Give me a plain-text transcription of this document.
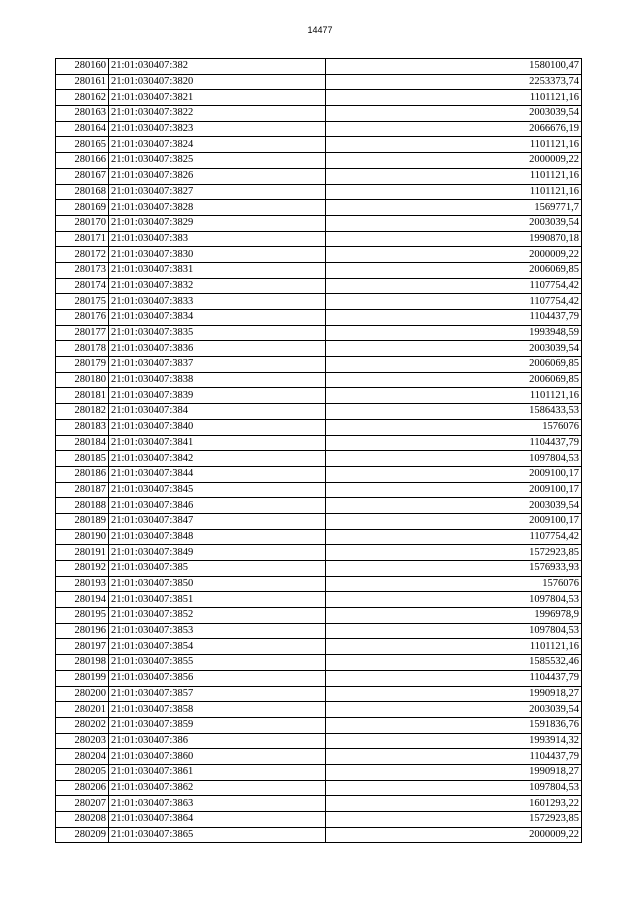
14477
280160	21:01:030407:382	1580100,47
280161	21:01:030407:3820	2253373,74
280162	21:01:030407:3821	1101121,16
280163	21:01:030407:3822	2003039,54
280164	21:01:030407:3823	2066676,19
280165	21:01:030407:3824	1101121,16
280166	21:01:030407:3825	2000009,22
280167	21:01:030407:3826	1101121,16
280168	21:01:030407:3827	1101121,16
280169	21:01:030407:3828	1569771,7
280170	21:01:030407:3829	2003039,54
280171	21:01:030407:383	1990870,18
280172	21:01:030407:3830	2000009,22
280173	21:01:030407:3831	2006069,85
280174	21:01:030407:3832	1107754,42
280175	21:01:030407:3833	1107754,42
280176	21:01:030407:3834	1104437,79
280177	21:01:030407:3835	1993948,59
280178	21:01:030407:3836	2003039,54
280179	21:01:030407:3837	2006069,85
280180	21:01:030407:3838	2006069,85
280181	21:01:030407:3839	1101121,16
280182	21:01:030407:384	1586433,53
280183	21:01:030407:3840	1576076
280184	21:01:030407:3841	1104437,79
280185	21:01:030407:3842	1097804,53
280186	21:01:030407:3844	2009100,17
280187	21:01:030407:3845	2009100,17
280188	21:01:030407:3846	2003039,54
280189	21:01:030407:3847	2009100,17
280190	21:01:030407:3848	1107754,42
280191	21:01:030407:3849	1572923,85
280192	21:01:030407:385	1576933,93
280193	21:01:030407:3850	1576076
280194	21:01:030407:3851	1097804,53
280195	21:01:030407:3852	1996978,9
280196	21:01:030407:3853	1097804,53
280197	21:01:030407:3854	1101121,16
280198	21:01:030407:3855	1585532,46
280199	21:01:030407:3856	1104437,79
280200	21:01:030407:3857	1990918,27
280201	21:01:030407:3858	2003039,54
280202	21:01:030407:3859	1591836,76
280203	21:01:030407:386	1993914,32
280204	21:01:030407:3860	1104437,79
280205	21:01:030407:3861	1990918,27
280206	21:01:030407:3862	1097804,53
280207	21:01:030407:3863	1601293,22
280208	21:01:030407:3864	1572923,85
280209	21:01:030407:3865	2000009,22
